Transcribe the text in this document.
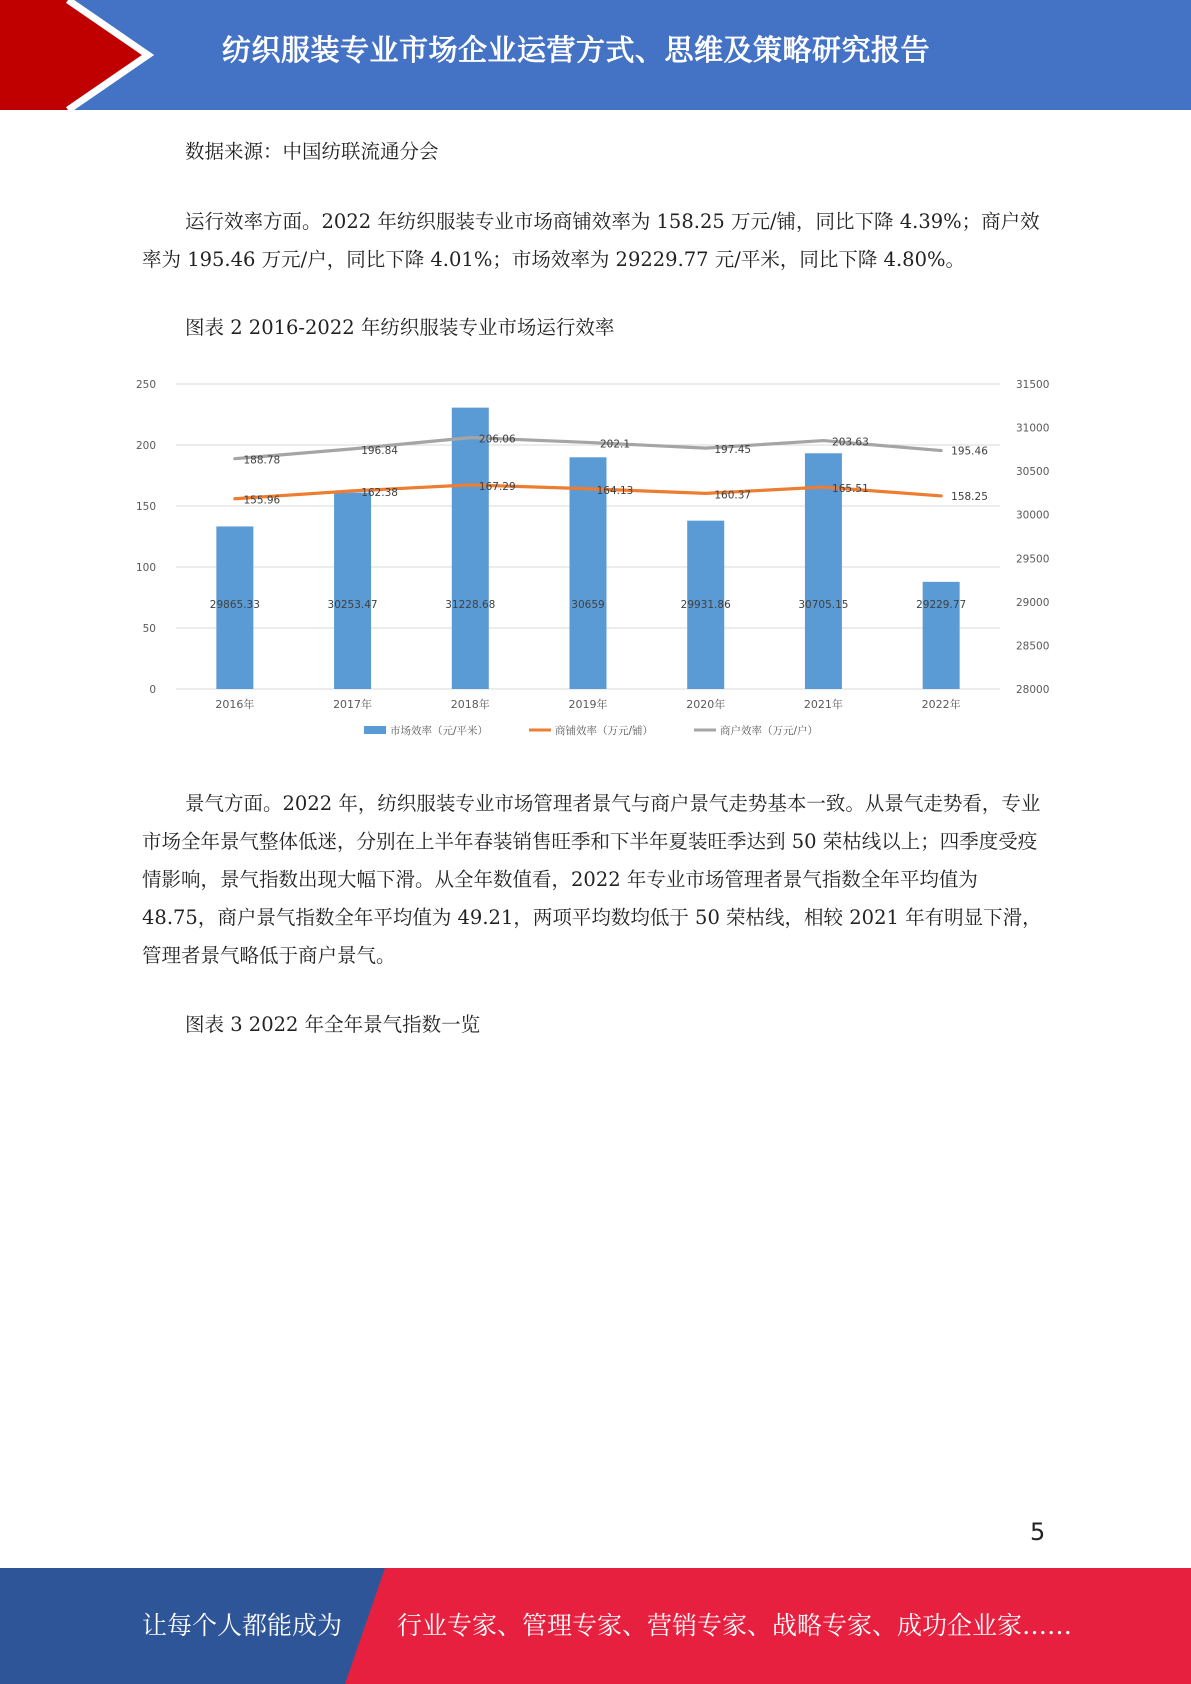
纺织服装专业市场企业运营方式、思维及策略研究报告

数据来源：中国纺联流通分会

运行效率方面。2022 年纺织服装专业市场商铺效率为 158.25 万元/铺，同比下降 4.39%；商户效率为 195.46 万元/户，同比下降 4.01%；市场效率为 29229.77 元/平米，同比下降 4.80%。

图表 2 2016-2022 年纺织服装专业市场运行效率

0
50
100
150
200
250
28000
28500
29000
29500
30000
30500
31000
31500
2016年	2017年	2018年	2019年	2020年	2021年	2022年
29865.33	30253.47	31228.68	30659	29931.86	30705.15	29229.77
155.96
162.38	167.29	164.13	160.37
165.51
158.25
188.78
196.84
206.06	202.1	197.45
203.63
195.46
市场效率（元/平米）	商铺效率（万元/铺）	商户效率（万元/户）

景气方面。2022 年，纺织服装专业市场管理者景气与商户景气走势基本一致。从景气走势看，专业市场全年景气整体低迷，分别在上半年春装销售旺季和下半年夏装旺季达到 50 荣枯线以上；四季度受疫情影响，景气指数出现大幅下滑。从全年数值看，2022 年专业市场管理者景气指数全年平均值为 48.75，商户景气指数全年平均值为 49.21，两项平均数均低于 50 荣枯线，相较 2021 年有明显下滑，管理者景气略低于商户景气。

图表 3 2022 年全年景气指数一览

5
让每个人都能成为 行业专家、管理专家、营销专家、战略专家、成功企业家……
